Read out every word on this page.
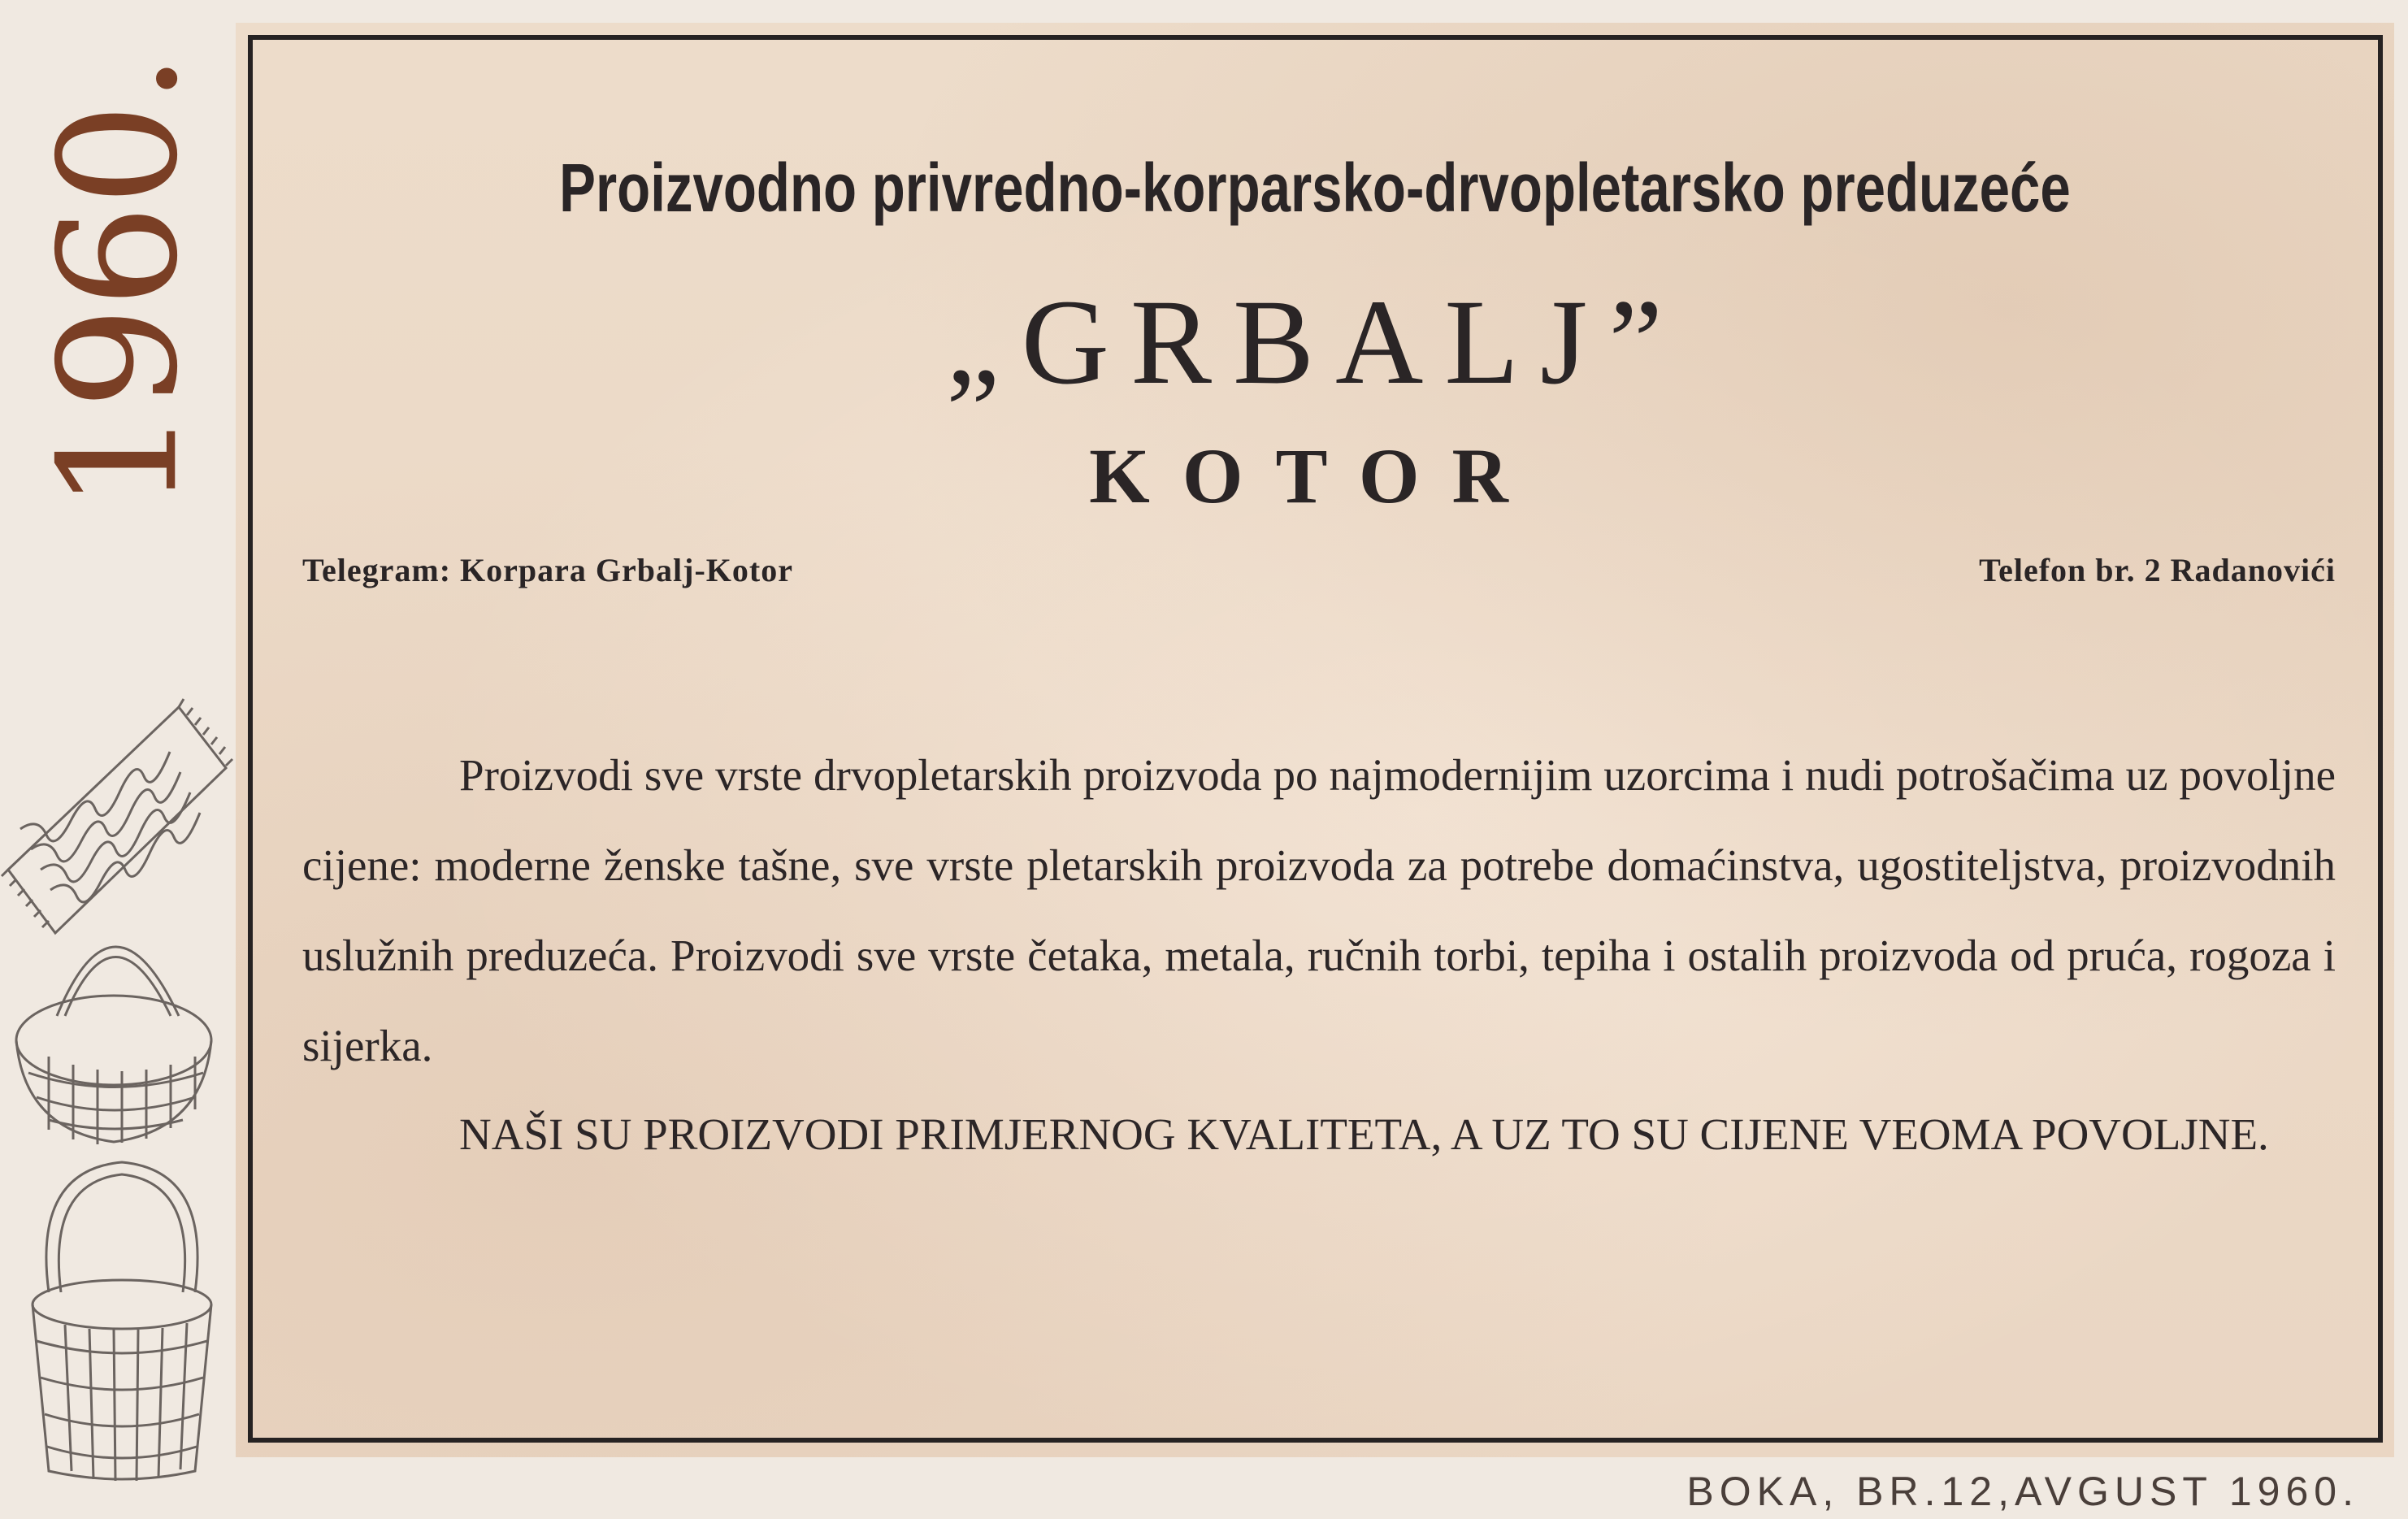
1960.	Proizvodno privredno-korparsko-drvopletarsko preduzeće
„GRBALJ”
KOTOR
Telegram: Korpara Grbalj-Kotor	Telefon br. 2 Radanovići

Proizvodi sve vrste drvopletarskih proizvoda po najmodernijim uzorcima i nudi potrošačima uz povoljne cijene: moderne ženske tašne, sve vrste pletarskih proizvoda za potrebe domaćinstva, ugostiteljstva, proizvodnih uslužnih preduzeća. Proizvodi sve vrste četaka, metala, ručnih torbi, tepiha i ostalih proizvoda od pruća, rogoza i sijerka.

NAŠI SU PROIZVODI PRIMJERNOG KVALITETA, A UZ TO SU CIJENE VEOMA POVOLJNE.

BOKA, BR.12,AVGUST 1960.
